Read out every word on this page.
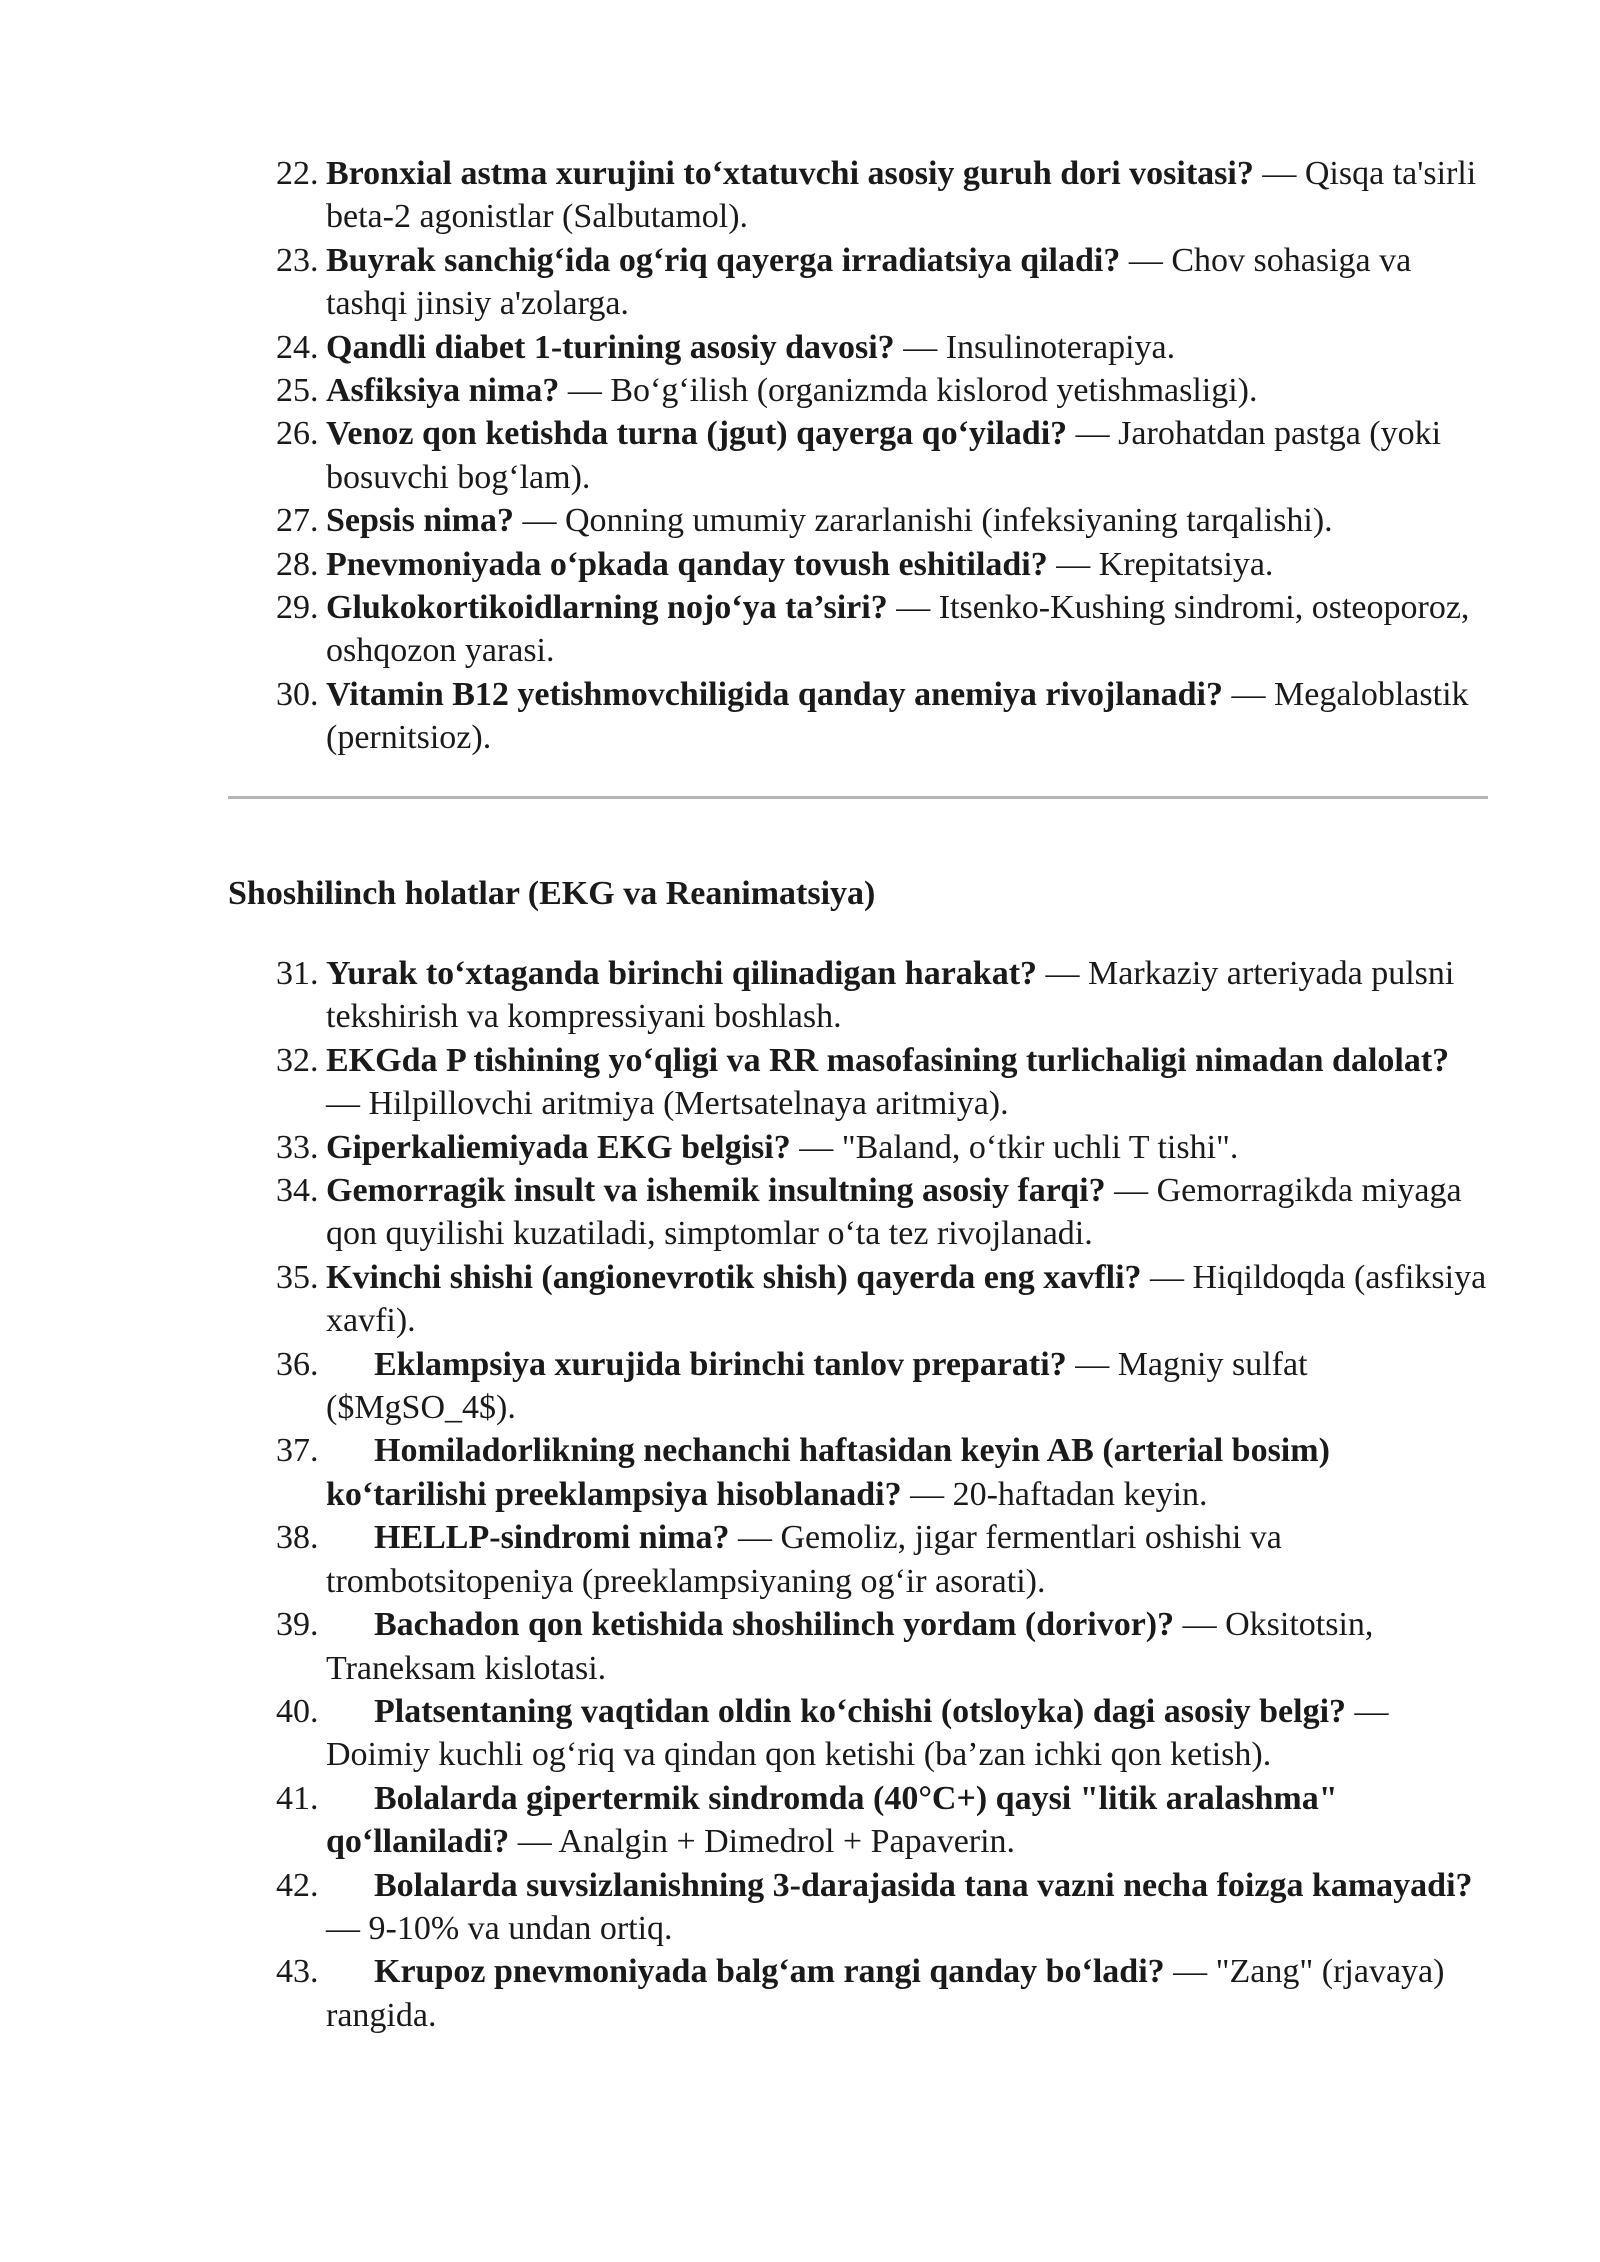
22. Bronxial astma xurujini to‘xtatuvchi asosiy guruh dori vositasi? — Qisqa ta'sirli beta-2 agonistlar (Salbutamol).
23. Buyrak sanchig‘ida og‘riq qayerga irradiatsiya qiladi? — Chov sohasiga va tashqi jinsiy a'zolarga.
24. Qandli diabet 1-turining asosiy davosi? — Insulinoterapiya.
25. Asfiksiya nima? — Bo‘g‘ilish (organizmda kislorod yetishmasligi).
26. Venoz qon ketishda turna (jgut) qayerga qo‘yiladi? — Jarohatdan pastga (yoki bosuvchi bog‘lam).
27. Sepsis nima? — Qonning umumiy zararlanishi (infeksiyaning tarqalishi).
28. Pnevmoniyada o‘pkada qanday tovush eshitiladi? — Krepitatsiya.
29. Glukokortikoidlarning nojo‘ya ta’siri? — Itsenko-Kushing sindromi, osteoporoz, oshqozon yarasi.
30. Vitamin B12 yetishmovchiligida qanday anemiya rivojlanadi? — Megaloblastik (pernitsioz).
Shoshilinch holatlar (EKG va Reanimatsiya)
31. Yurak to‘xtaganda birinchi qilinadigan harakat? — Markaziy arteriyada pulsni tekshirish va kompressiyani boshlash.
32. EKGda P tishining yo‘qligi va RR masofasining turlichaligi nimadan dalolat? — Hilpillovchi aritmiya (Mertsatelnaya aritmiya).
33. Giperkaliemiyada EKG belgisi? — "Baland, o‘tkir uchli T tishi".
34. Gemorragik insult va ishemik insultning asosiy farqi? — Gemorragikda miyaga qon quyilishi kuzatiladi, simptomlar o‘ta tez rivojlanadi.
35. Kvinchi shishi (angionevrotik shish) qayerda eng xavfli? — Hiqildoqda (asfiksiya xavfi).
36. Eklampsiya xurujida birinchi tanlov preparati? — Magniy sulfat ($MgSO_4$).
37. Homiladorlikning nechanchi haftasidan keyin AB (arterial bosim) ko‘tarilishi preeklampsiya hisoblanadi? — 20-haftadan keyin.
38. HELLP-sindromi nima? — Gemoliz, jigar fermentlari oshishi va trombotsitopeniya (preeklampsiyaning og‘ir asorati).
39. Bachadon qon ketishida shoshilinch yordam (dorivor)? — Oksitotsin, Traneksam kislotasi.
40. Platsentaning vaqtidan oldin ko‘chishi (otsloyka) dagi asosiy belgi? — Doimiy kuchli og‘riq va qindan qon ketishi (ba’zan ichki qon ketish).
41. Bolalarda gipertermik sindromda (40°C+) qaysi "litik aralashma" qo‘llaniladi? — Analgin + Dimedrol + Papaverin.
42. Bolalarda suvsizlanishning 3-darajasida tana vazni necha foizga kamayadi? — 9-10% va undan ortiq.
43. Krupoz pnevmoniyada balg‘am rangi qanday bo‘ladi? — "Zang" (rjavaya) rangida.
